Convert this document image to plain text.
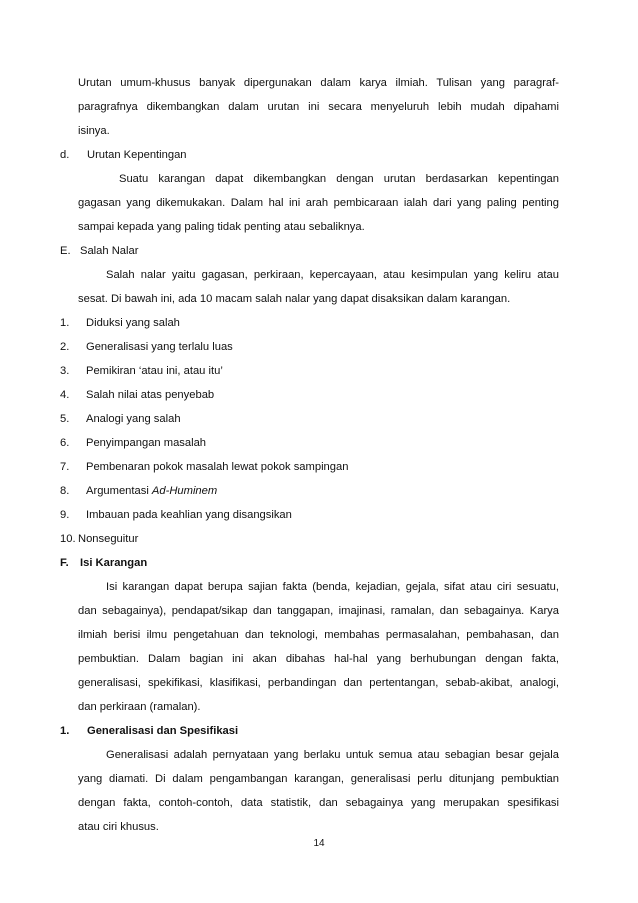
Urutan umum-khusus banyak dipergunakan dalam karya ilmiah. Tulisan yang paragraf-
paragrafnya dikembangkan dalam urutan ini secara menyeluruh lebih mudah dipahami
isinya.
d. Urutan Kepentingan
Suatu karangan dapat dikembangkan dengan urutan berdasarkan kepentingan
gagasan yang dikemukakan. Dalam hal ini arah pembicaraan ialah dari yang paling penting
sampai kepada yang paling tidak penting atau sebaliknya.
E. Salah Nalar
Salah nalar yaitu gagasan, perkiraan, kepercayaan, atau kesimpulan yang keliru atau
sesat. Di bawah ini, ada 10 macam salah nalar yang dapat disaksikan dalam karangan.
1. Diduksi yang salah
2. Generalisasi yang terlalu luas
3. Pemikiran ‘atau ini, atau itu’
4. Salah nilai atas penyebab
5. Analogi yang salah
6. Penyimpangan masalah
7. Pembenaran pokok masalah lewat pokok sampingan
8. Argumentasi Ad-Huminem
9. Imbauan pada keahlian yang disangsikan
10. Nonseguitur
F. Isi Karangan
Isi karangan dapat berupa sajian fakta (benda, kejadian, gejala, sifat atau ciri sesuatu,
dan sebagainya), pendapat/sikap dan tanggapan, imajinasi, ramalan, dan sebagainya. Karya
ilmiah berisi ilmu pengetahuan dan teknologi, membahas permasalahan, pembahasan, dan
pembuktian. Dalam bagian ini akan dibahas hal-hal yang berhubungan dengan fakta,
generalisasi, spekifikasi, klasifikasi, perbandingan dan pertentangan, sebab-akibat, analogi,
dan perkiraan (ramalan).
1. Generalisasi dan Spesifikasi
Generalisasi adalah pernyataan yang berlaku untuk semua atau sebagian besar gejala
yang diamati. Di dalam pengambangan karangan, generalisasi perlu ditunjang pembuktian
dengan fakta, contoh-contoh, data statistik, dan sebagainya yang merupakan spesifikasi
atau ciri khusus.
14
